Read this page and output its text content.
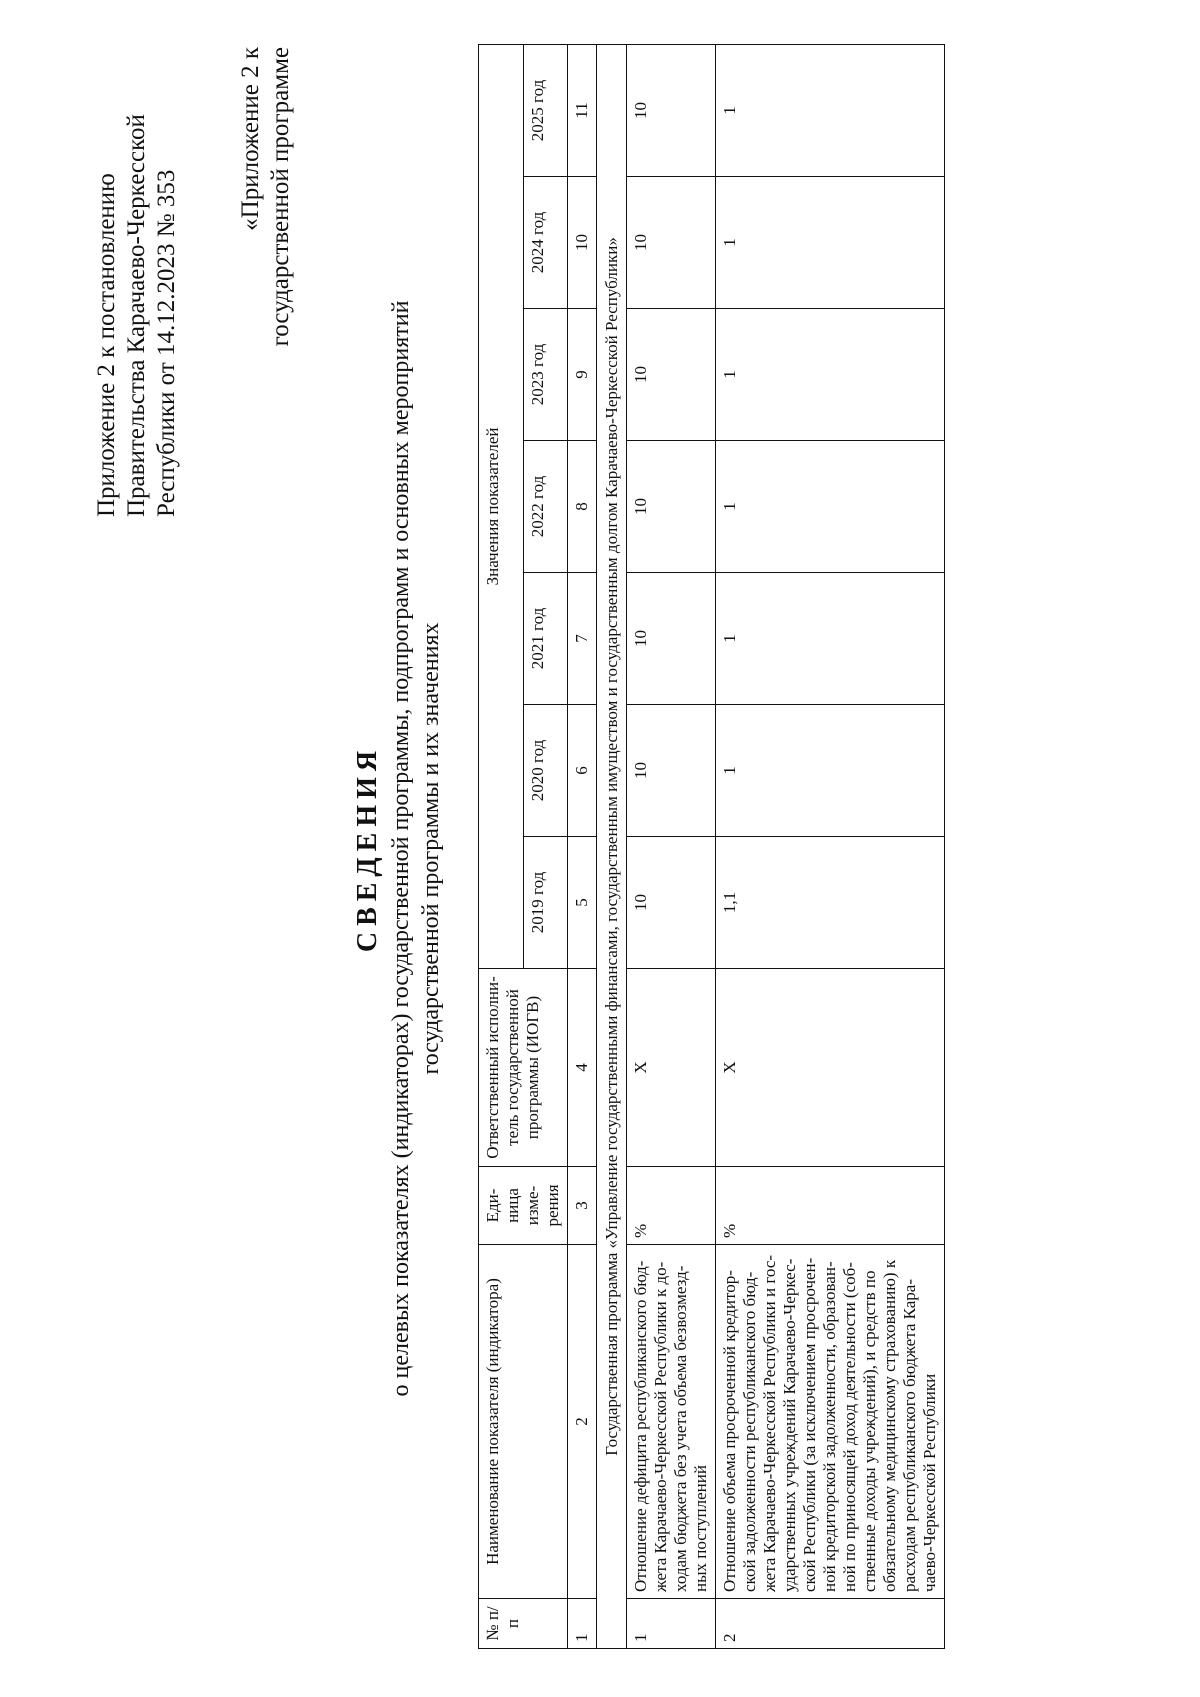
Приложение 2 к постановлению Правительства Карачаево-Черкесской Республики от 14.12.2023 № 353
«Приложение 2 к государственной программе
СВЕДЕНИЯ о целевых показателях (индикаторах) государственной программы, подпрограмм и основных мероприятий государственной программы и их значениях
№ п/п	Наименование показателя (индикатора)	Еди-ница изме-рения	Ответственный исполни-тель государственной программы (ИОГВ)	Значения показателей						
				2019 год	2020 год	2021 год	2022 год	2023 год	2024 год	2025 год
1	2	3	4	5	6	7	8	9	10	11
Государственная программа «Управление государственными финансами, государственным имуществом и государственным долгом Карачаево-Черкесской Республики»										
1	Отношение дефицита республиканского бюд-жета Карачаево-Черкесской Республики к до-ходам бюджета без учета объема безвозмезд-ных поступлений	%	X	10	10	10	10	10	10	10
2	Отношение объема просроченной кредитор-ской задолженности республиканского бюд-жета Карачаево-Черкесской Республики и гос-ударственных учреждений Карачаево-Черкес-ской Республики (за исключением просрочен-ной кредиторской задолженности, образован-ной по приносящей доход деятельности (соб-ственные доходы учреждений), и средств по обязательному медицинскому страхованию) к расходам республиканского бюджета Кара-чаево-Черкесской Республики	%	X	1,1	1	1	1	1	1	1
